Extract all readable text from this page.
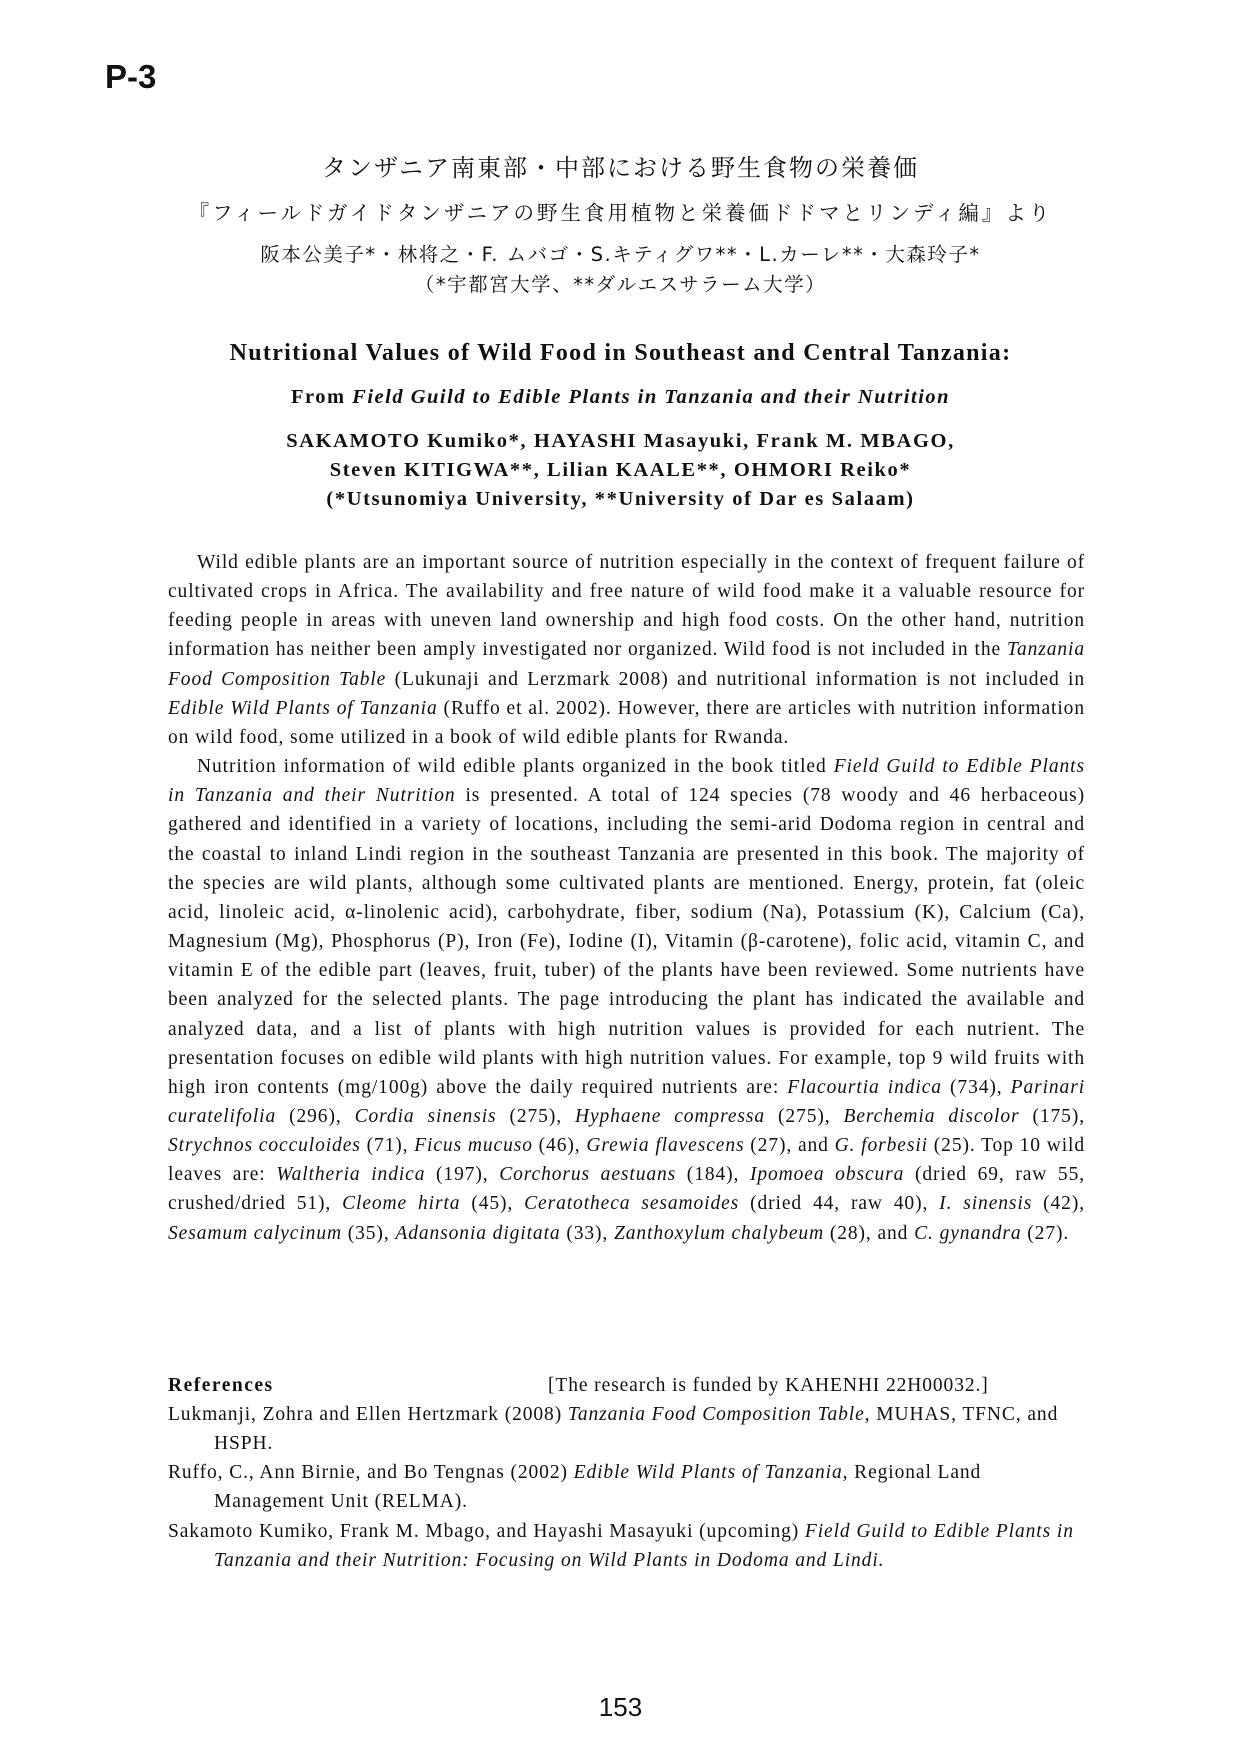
P-3
タンザニア南東部・中部における野生食物の栄養価
『フィールドガイドタンザニアの野生食用植物と栄養価ドドマとリンディ編』より
阪本公美子*・林将之・F. ムバゴ・S.キティグワ**・L.カーレ**・大森玲子*
（*宇都宮大学、**ダルエスサラーム大学）
Nutritional Values of Wild Food in Southeast and Central Tanzania:
From Field Guild to Edible Plants in Tanzania and their Nutrition
SAKAMOTO Kumiko*, HAYASHI Masayuki, Frank M. MBAGO,
Steven KITIGWA**, Lilian KAALE**, OHMORI Reiko*
(*Utsunomiya University, **University of Dar es Salaam)

Wild edible plants are an important source of nutrition especially in the context of frequent failure of cultivated crops in Africa. The availability and free nature of wild food make it a valuable resource for feeding people in areas with uneven land ownership and high food costs. On the other hand, nutrition information has neither been amply investigated nor organized. Wild food is not included in the Tanzania Food Composition Table (Lukunaji and Lerzmark 2008) and nutritional information is not included in Edible Wild Plants of Tanzania (Ruffo et al. 2002). However, there are articles with nutrition information on wild food, some utilized in a book of wild edible plants for Rwanda.

Nutrition information of wild edible plants organized in the book titled Field Guild to Edible Plants in Tanzania and their Nutrition is presented. A total of 124 species (78 woody and 46 herbaceous) gathered and identified in a variety of locations, including the semi-arid Dodoma region in central and the coastal to inland Lindi region in the southeast Tanzania are presented in this book. The majority of the species are wild plants, although some cultivated plants are mentioned. Energy, protein, fat (oleic acid, linoleic acid, α-linolenic acid), carbohydrate, fiber, sodium (Na), Potassium (K), Calcium (Ca), Magnesium (Mg), Phosphorus (P), Iron (Fe), Iodine (I), Vitamin (β-carotene), folic acid, vitamin C, and vitamin E of the edible part (leaves, fruit, tuber) of the plants have been reviewed. Some nutrients have been analyzed for the selected plants. The page introducing the plant has indicated the available and analyzed data, and a list of plants with high nutrition values is provided for each nutrient. The presentation focuses on edible wild plants with high nutrition values. For example, top 9 wild fruits with high iron contents (mg/100g) above the daily required nutrients are: Flacourtia indica (734), Parinari curatelifolia (296), Cordia sinensis (275), Hyphaene compressa (275), Berchemia discolor (175), Strychnos cocculoides (71), Ficus mucuso (46), Grewia flavescens (27), and G. forbesii (25). Top 10 wild leaves are: Waltheria indica (197), Corchorus aestuans (184), Ipomoea obscura (dried 69, raw 55, crushed/dried 51), Cleome hirta (45), Ceratotheca sesamoides (dried 44, raw 40), I. sinensis (42), Sesamum calycinum (35), Adansonia digitata (33), Zanthoxylum chalybeum (28), and C. gynandra (27).

References	[The research is funded by KAHENHI 22H00032.]

Lukmanji, Zohra and Ellen Hertzmark (2008) Tanzania Food Composition Table, MUHAS, TFNC, and HSPH.

Ruffo, C., Ann Birnie, and Bo Tengnas (2002) Edible Wild Plants of Tanzania, Regional Land Management Unit (RELMA).

Sakamoto Kumiko, Frank M. Mbago, and Hayashi Masayuki (upcoming) Field Guild to Edible Plants in Tanzania and their Nutrition: Focusing on Wild Plants in Dodoma and Lindi.

153
